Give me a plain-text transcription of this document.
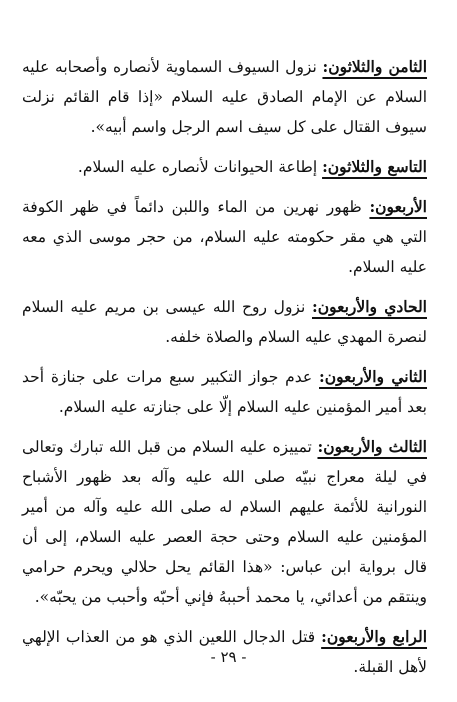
الثامن والثلاثون: نزول السيوف السماوية لأنصاره وأصحابه عليه السلام عن الإمام الصادق عليه السلام «إذا قام القائم نزلت سيوف القتال على كل سيف اسم الرجل واسم أبيه».

التاسع والثلاثون: إطاعة الحيوانات لأنصاره عليه السلام.

الأربعون: ظهور نهرين من الماء واللبن دائماً في ظهر الكوفة التي هي مقر حكومته عليه السلام، من حجر موسى الذي معه عليه السلام.

الحادي والأربعون: نزول روح الله عيسى بن مريم عليه السلام لنصرة المهدي عليه السلام والصلاة خلفه.

الثاني والأربعون: عدم جواز التكبير سبع مرات على جنازة أحد بعد أمير المؤمنين عليه السلام إلّا على جنازته عليه السلام.

الثالث والأربعون: تمييزه عليه السلام من قبل الله تبارك وتعالى في ليلة معراج نبيّه صلى الله عليه وآله بعد ظهور الأشباح النورانية للأئمة عليهم السلام له صلى الله عليه وآله من أمير المؤمنين عليه السلام وحتى حجة العصر عليه السلام، إلى أن قال برواية ابن عباس: «هذا القائم يحل حلالي ويحرم حرامي وينتقم من أعدائي، يا محمد أحببهُ فإني أحبّه وأحبب من يحبّه».

الرابع والأربعون: قتل الدجال اللعين الذي هو من العذاب الإلهي لأهل القبلة.

- ٢٩ -
